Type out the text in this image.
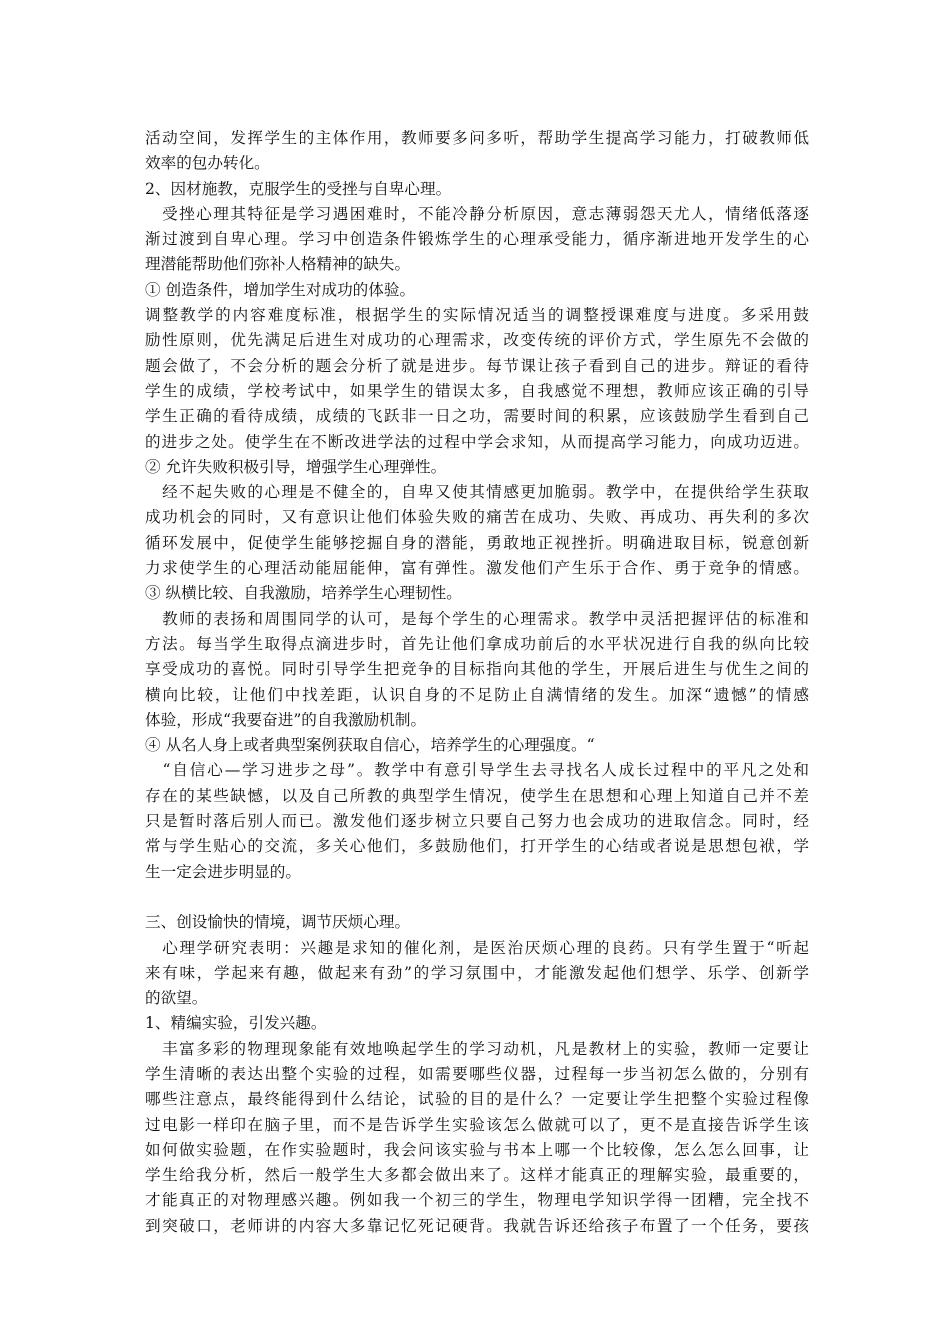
活动空间，发挥学生的主体作用，教师要多问多听，帮助学生提高学习能力，打破教师低
效率的包办转化。
2、因材施教，克服学生的受挫与自卑心理。
　受挫心理其特征是学习遇困难时，不能冷静分析原因，意志薄弱怨天尤人，情绪低落逐
渐过渡到自卑心理。学习中创造条件锻炼学生的心理承受能力，循序渐进地开发学生的心
理潜能帮助他们弥补人格精神的缺失。
① 创造条件，增加学生对成功的体验。
调整教学的内容难度标准，根据学生的实际情况适当的调整授课难度与进度。多采用鼓
励性原则，优先满足后进生对成功的心理需求，改变传统的评价方式，学生原先不会做的
题会做了，不会分析的题会分析了就是进步。每节课让孩子看到自己的进步。辩证的看待
学生的成绩，学校考试中，如果学生的错误太多，自我感觉不理想，教师应该正确的引导
学生正确的看待成绩，成绩的飞跃非一日之功，需要时间的积累，应该鼓励学生看到自己
的进步之处。使学生在不断改进学法的过程中学会求知，从而提高学习能力，向成功迈进。
② 允许失败积极引导，增强学生心理弹性。
　经不起失败的心理是不健全的，自卑又使其情感更加脆弱。教学中，在提供给学生获取
成功机会的同时，又有意识让他们体验失败的痛苦在成功、失败、再成功、再失利的多次
循环发展中，促使学生能够挖掘自身的潜能，勇敢地正视挫折。明确进取目标，锐意创新
力求使学生的心理活动能屈能伸，富有弹性。激发他们产生乐于合作、勇于竞争的情感。
③ 纵横比较、自我激励，培养学生心理韧性。
　教师的表扬和周围同学的认可，是每个学生的心理需求。教学中灵活把握评估的标准和
方法。每当学生取得点滴进步时，首先让他们拿成功前后的水平状况进行自我的纵向比较
享受成功的喜悦。同时引导学生把竞争的目标指向其他的学生，开展后进生与优生之间的
横向比较，让他们中找差距，认识自身的不足防止自满情绪的发生。加深“遗憾”的情感
体验，形成“我要奋进”的自我激励机制。
④ 从名人身上或者典型案例获取自信心，培养学生的心理强度。“
　“自信心—学习进步之母”。教学中有意引导学生去寻找名人成长过程中的平凡之处和
存在的某些缺憾，以及自己所教的典型学生情况，使学生在思想和心理上知道自己并不差
只是暂时落后别人而已。激发他们逐步树立只要自己努力也会成功的进取信念。同时，经
常与学生贴心的交流，多关心他们，多鼓励他们，打开学生的心结或者说是思想包袱，学
生一定会进步明显的。
三、创设愉快的情境，调节厌烦心理。
　心理学研究表明：兴趣是求知的催化剂，是医治厌烦心理的良药。只有学生置于“听起
来有味，学起来有趣，做起来有劲”的学习氛围中，才能激发起他们想学、乐学、创新学
的欲望。
1、精编实验，引发兴趣。
　丰富多彩的物理现象能有效地唤起学生的学习动机，凡是教材上的实验，教师一定要让
学生清晰的表达出整个实验的过程，如需要哪些仪器，过程每一步当初怎么做的，分别有
哪些注意点，最终能得到什么结论，试验的目的是什么？一定要让学生把整个实验过程像
过电影一样印在脑子里，而不是告诉学生实验该怎么做就可以了，更不是直接告诉学生该
如何做实验题，在作实验题时，我会问该实验与书本上哪一个比较像，怎么怎么回事，让
学生给我分析，然后一般学生大多都会做出来了。这样才能真正的理解实验，最重要的，
才能真正的对物理感兴趣。例如我一个初三的学生，物理电学知识学得一团糟，完全找不
到突破口，老师讲的内容大多靠记忆死记硬背。我就告诉还给孩子布置了一个任务，要孩
